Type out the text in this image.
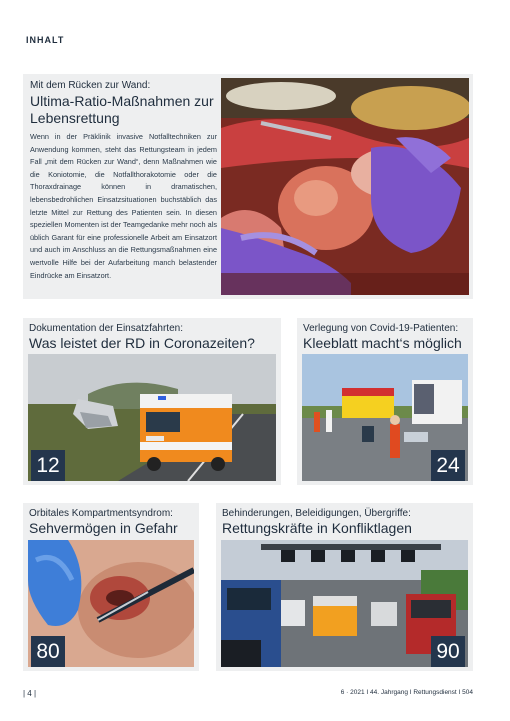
INHALT
Mit dem Rücken zur Wand:
Ultima-Ratio-Maßnahmen zur Lebensrettung
Wenn in der Präklinik invasive Notfalltechniken zur Anwendung kommen, steht das Rettungsteam in jedem Fall „mit dem Rücken zur Wand“, denn Maßnahmen wie die Koniotomie, die Notfallthorakotomie oder die Thoraxdrainage können in dramatischen, lebensbedrohlichen Einsatzsituationen buchstäblich das letzte Mittel zur Rettung des Patienten sein. In diesen speziellen Momenten ist der Teamgedanke mehr noch als üblich Garant für eine professionelle Arbeit am Einsatzort und auch im Anschluss an die Rettungsmaßnahmen eine wertvolle Hilfe bei der Aufarbeitung manch belastender Eindrücke am Einsatzort.
Dokumentation der Einsatzfahrten:
Was leistet der RD in Coronazeiten?
12
Verlegung von Covid-19-Patienten:
Kleeblatt macht‘s möglich
24
Orbitales Kompartmentsyndrom:
Sehvermögen in Gefahr
80
Behinderungen, Beleidigungen, Übergriffe:
Rettungskräfte in Konfliktlagen
90
| 4 |	6 · 2021 I 44. Jahrgang I Rettungsdienst I 504
